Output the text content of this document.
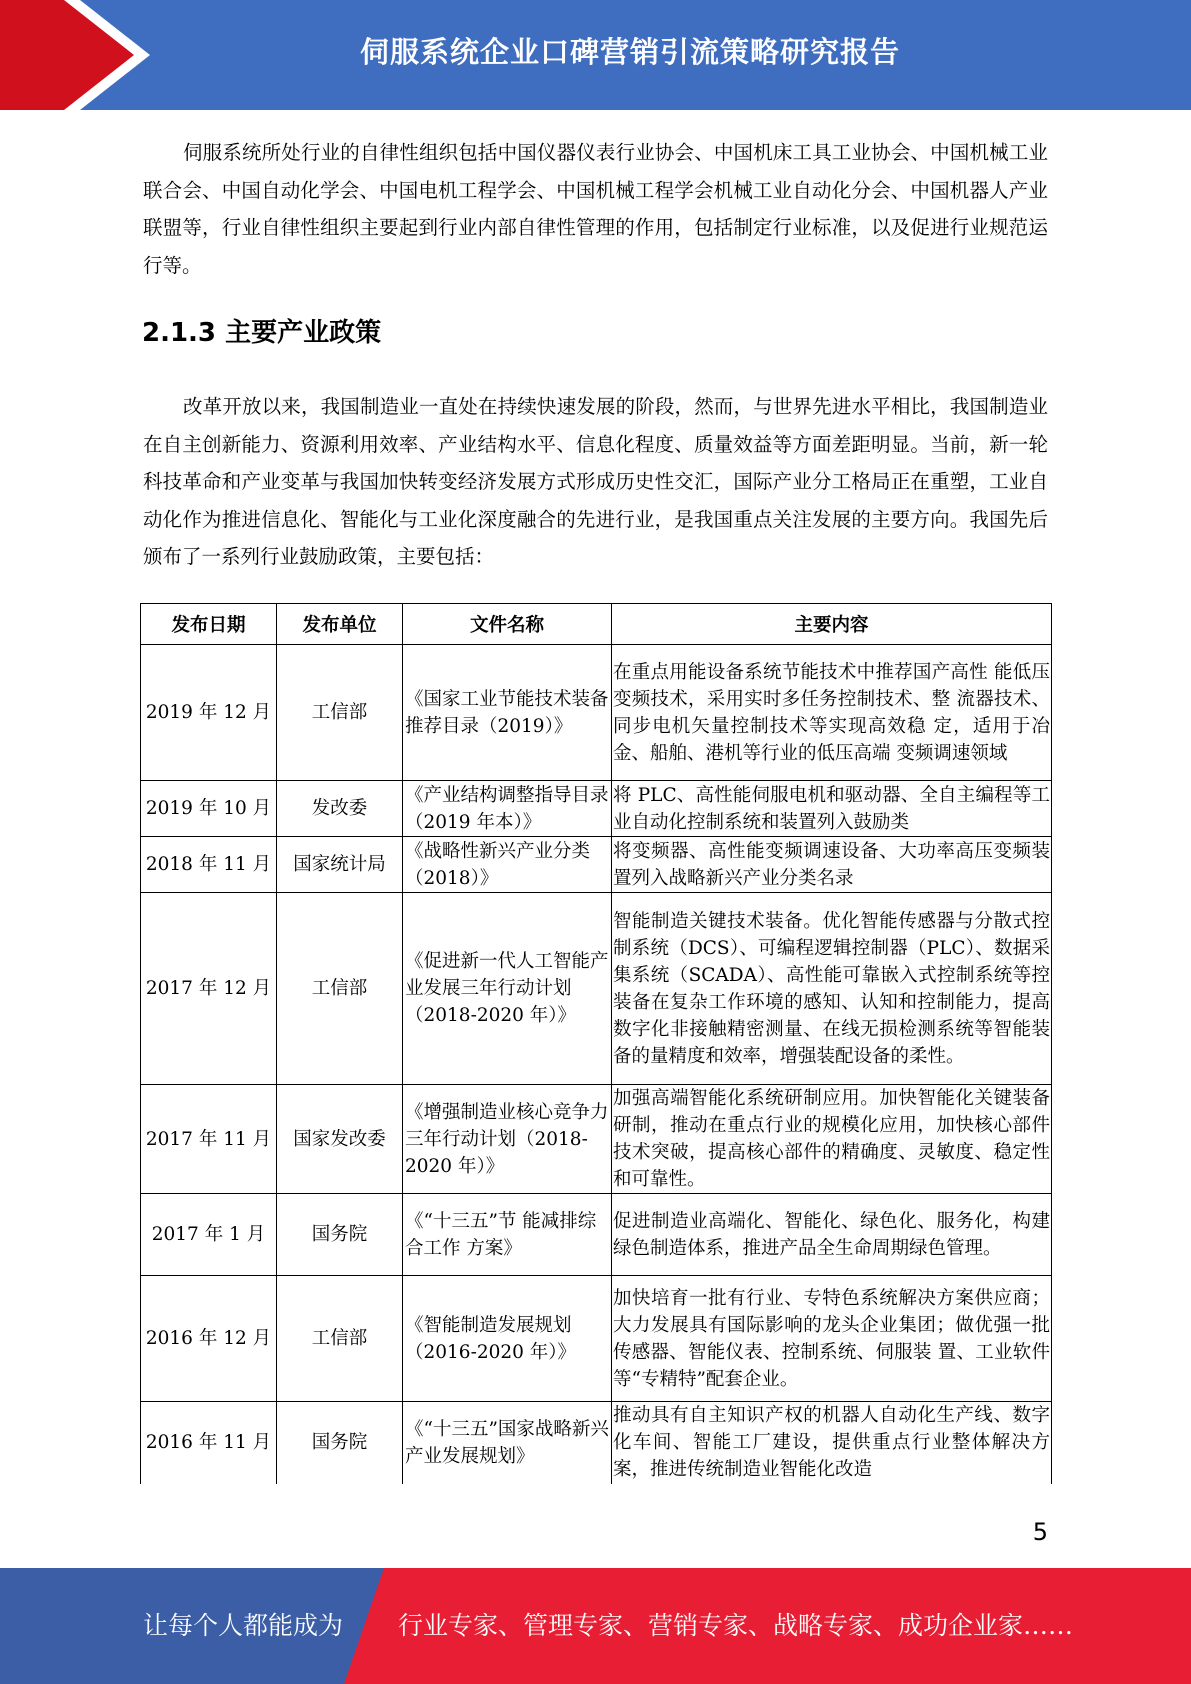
伺服系统企业口碑营销引流策略研究报告

伺服系统所处行业的自律性组织包括中国仪器仪表行业协会、中国机床工具工业协会、中国机械工业联合会、中国自动化学会、中国电机工程学会、中国机械工程学会机械工业自动化分会、中国机器人产业联盟等，行业自律性组织主要起到行业内部自律性管理的作用，包括制定行业标准，以及促进行业规范运行等。

2.1.3 主要产业政策

改革开放以来，我国制造业一直处在持续快速发展的阶段，然而，与世界先进水平相比，我国制造业在自主创新能力、资源利用效率、产业结构水平、信息化程度、质量效益等方面差距明显。当前，新一轮科技革命和产业变革与我国加快转变经济发展方式形成历史性交汇，国际产业分工格局正在重塑，工业自动化作为推进信息化、智能化与工业化深度融合的先进行业，是我国重点关注发展的主要方向。我国先后颁布了一系列行业鼓励政策，主要包括：

发布日期	发布单位	文件名称	主要内容
2019 年 12 月	工信部	《国家工业节能技术装备推荐目录（2019）》	在重点用能设备系统节能技术中推荐国产高性 能低压变频技术，采用实时多任务控制技术、整 流器技术、同步电机矢量控制技术等实现高效稳 定，适用于冶金、船舶、港机等行业的低压高端 变频调速领域
2019 年 10 月	发改委	《产业结构调整指导目录（2019 年本）》	将 PLC、高性能伺服电机和驱动器、全自主编程等工业自动化控制系统和装置列入鼓励类
2018 年 11 月	国家统计局	《战略性新兴产业分类（2018）》	将变频器、高性能变频调速设备、大功率高压变频装置列入战略新兴产业分类名录
2017 年 12 月	工信部	《促进新一代人工智能产业发展三年行动计划（2018-2020 年）》	智能制造关键技术装备。优化智能传感器与分散式控制系统（DCS）、可编程逻辑控制器（PLC）、数据采集系统（SCADA）、高性能可靠嵌入式控制系统等控装备在复杂工作环境的感知、认知和控制能力，提高数字化非接触精密测量、在线无损检测系统等智能装备的量精度和效率，增强装配设备的柔性。
2017 年 11 月	国家发改委	《增强制造业核心竞争力三年行动计划（2018-2020 年）》	加强高端智能化系统研制应用。加快智能化关键装备研制，推动在重点行业的规模化应用，加快核心部件技术突破，提高核心部件的精确度、灵敏度、稳定性和可靠性。
2017 年 1 月	国务院	《“十三五”节 能减排综合工作 方案》	促进制造业高端化、智能化、绿色化、服务化，构建绿色制造体系，推进产品全生命周期绿色管理。
2016 年 12 月	工信部	《智能制造发展规划（2016-2020 年）》	加快培育一批有行业、专特色系统解决方案供应商；大力发展具有国际影响的龙头企业集团；做优强一批传感器、智能仪表、控制系统、伺服装 置、工业软件等“专精特”配套企业。
2016 年 11 月	国务院	《“十三五”国家战略新兴产业发展规划》	推动具有自主知识产权的机器人自动化生产线、数字化车间、智能工厂建设，提供重点行业整体解决方案，推进传统制造业智能化改造
5
让每个人都能成为 行业专家、管理专家、营销专家、战略专家、成功企业家……
